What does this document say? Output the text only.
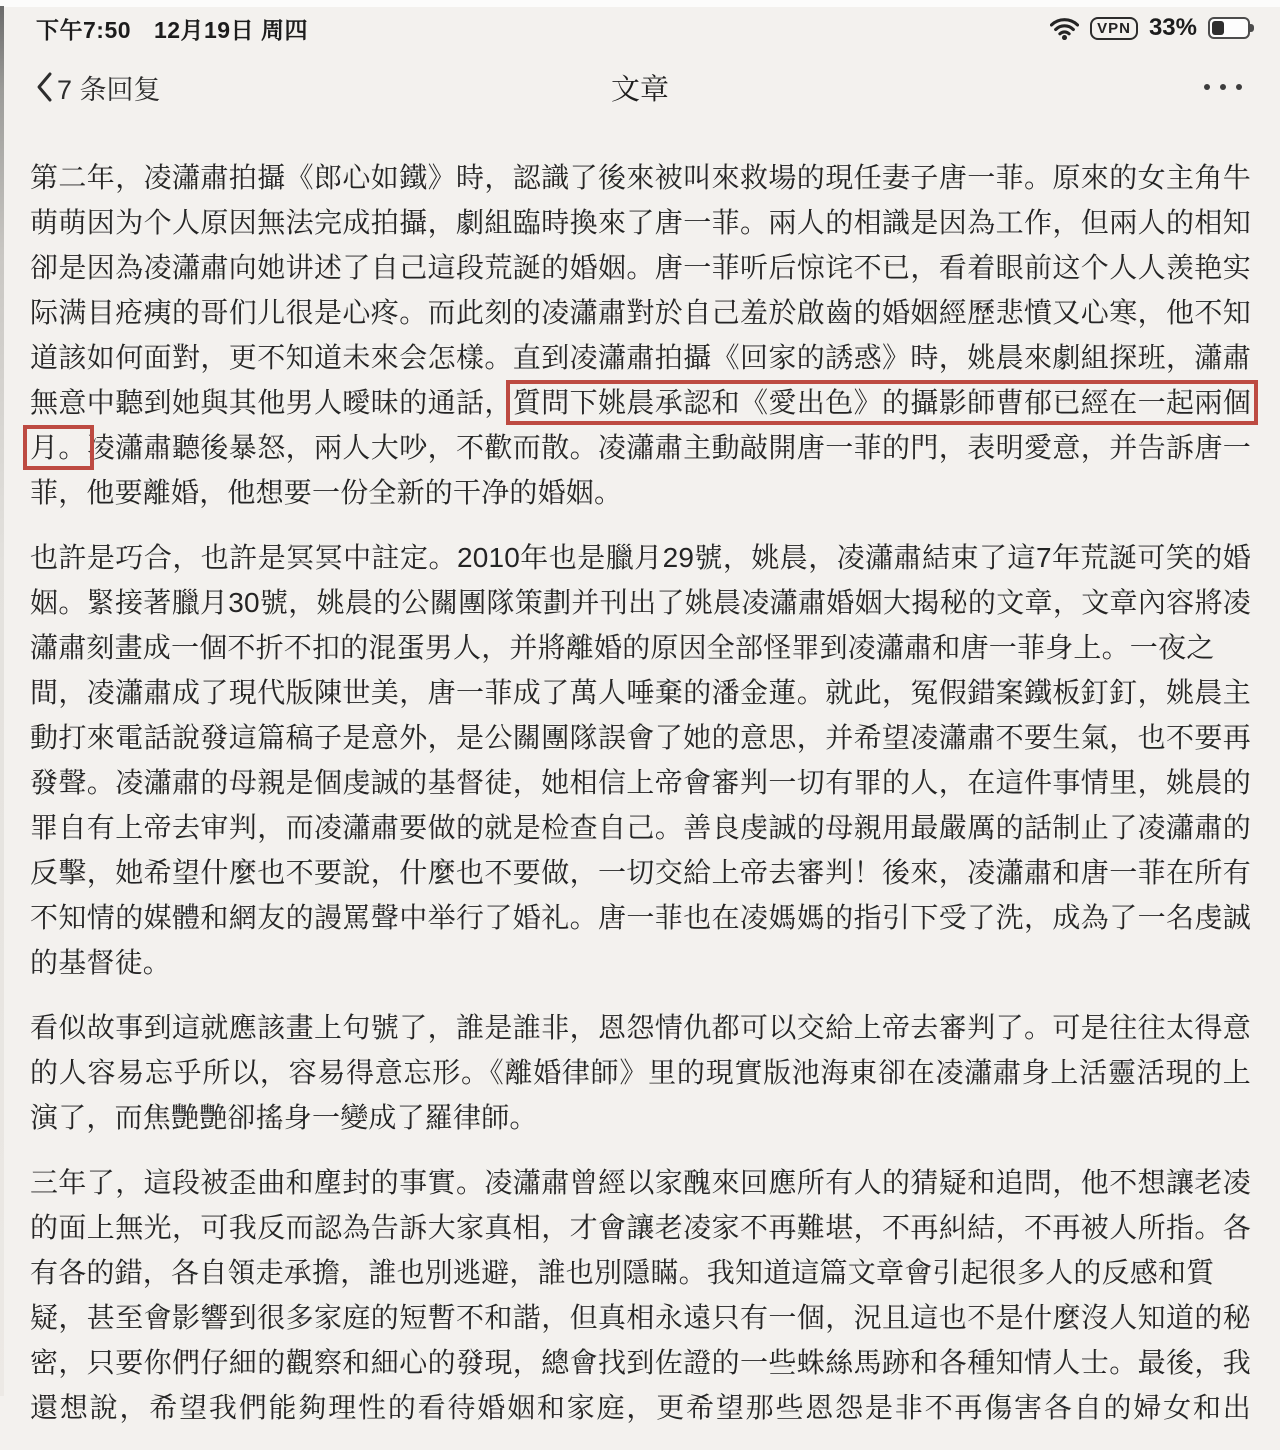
下午7:50 12月19日 周四	VPN 33%
7 条回复	文章
第二年，凌瀟肅拍攝《郎心如鐵》時，認識了後來被叫來救場的現任妻子唐一菲。原來的女主角牛
萌萌因为个人原因無法完成拍攝，劇組臨時換來了唐一菲。兩人的相識是因為工作，但兩人的相知
卻是因為凌瀟肅向她讲述了自己這段荒誕的婚姻。唐一菲听后惊诧不已，看着眼前这个人人羡艳实
际满目疮痍的哥们儿很是心疼。而此刻的凌瀟肅對於自己羞於啟齒的婚姻經歷悲憤又心寒，他不知
道該如何面對，更不知道未來会怎樣。直到凌瀟肅拍攝《回家的誘惑》時，姚晨來劇組探班，瀟肅
無意中聽到她與其他男人曖昧的通話，質問下姚晨承認和《愛出色》的攝影師曹郁已經在一起兩個
月。凌瀟肅聽後暴怒，兩人大吵，不歡而散。凌瀟肅主動敲開唐一菲的門，表明愛意，并告訴唐一
菲，他要離婚，他想要一份全新的干净的婚姻。
也許是巧合，也許是冥冥中註定。2010年也是臘月29號，姚晨，凌瀟肅結束了這7年荒誕可笑的婚
姻。緊接著臘月30號，姚晨的公關團隊策劃并刊出了姚晨凌瀟肅婚姻大揭秘的文章，文章內容將凌
瀟肅刻畫成一個不折不扣的混蛋男人，并將離婚的原因全部怪罪到凌瀟肅和唐一菲身上。一夜之
間，凌瀟肅成了現代版陳世美，唐一菲成了萬人唾棄的潘金蓮。就此，冤假錯案鐵板釘釘，姚晨主
動打來電話說發這篇稿子是意外，是公關團隊誤會了她的意思，并希望凌瀟肅不要生氣，也不要再
發聲。凌瀟肅的母親是個虔誠的基督徒，她相信上帝會審判一切有罪的人，在這件事情里，姚晨的
罪自有上帝去审判，而凌瀟肅要做的就是检查自己。善良虔誠的母親用最嚴厲的話制止了凌瀟肅的
反擊，她希望什麼也不要說，什麼也不要做，一切交給上帝去審判！後來，凌瀟肅和唐一菲在所有
不知情的媒體和網友的謾罵聲中举行了婚礼。唐一菲也在凌媽媽的指引下受了洗，成為了一名虔誠
的基督徒。
看似故事到這就應該畫上句號了，誰是誰非，恩怨情仇都可以交給上帝去審判了。可是往往太得意
的人容易忘乎所以，容易得意忘形。《離婚律師》里的現實版池海東卻在凌瀟肅身上活靈活現的上
演了，而焦艷艷卻搖身一變成了羅律師。
三年了，這段被歪曲和塵封的事實。凌瀟肅曾經以家醜來回應所有人的猜疑和追問，他不想讓老凌
的面上無光，可我反而認為告訴大家真相，才會讓老凌家不再難堪，不再糾結，不再被人所指。各
有各的錯，各自領走承擔，誰也別逃避，誰也別隱瞞。我知道這篇文章會引起很多人的反感和質
疑，甚至會影響到很多家庭的短暫不和諧，但真相永遠只有一個，況且這也不是什麼沒人知道的秘
密，只要你們仔細的觀察和細心的發現，總會找到佐證的一些蛛絲馬跡和各種知情人士。最後，我
還想說，希望我們能夠理性的看待婚姻和家庭，更希望那些恩怨是非不再傷害各自的婦女和出
